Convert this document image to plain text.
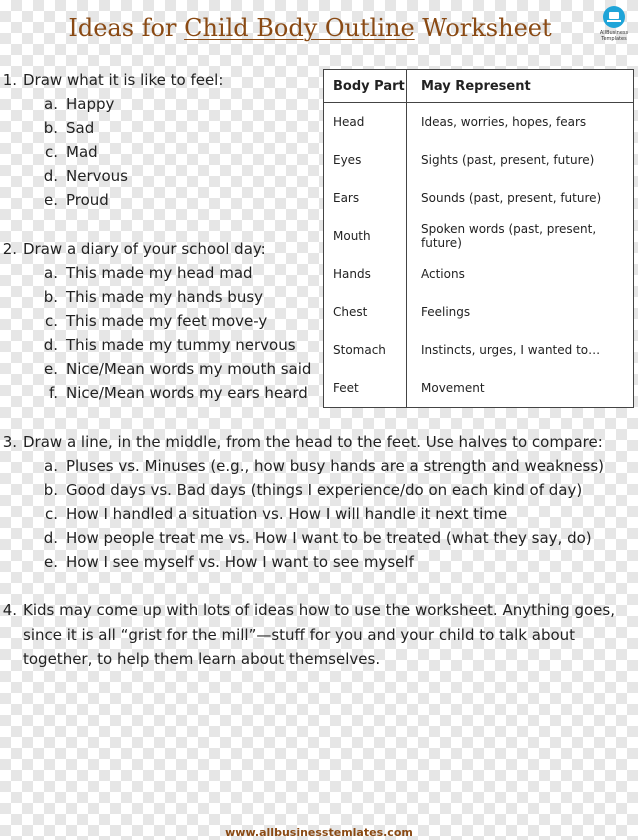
Ideas for Child Body Outline Worksheet	AllBusiness
Templates
1. Draw what it is like to feel:
a. Happy
b. Sad
c. Mad
d. Nervous
e. Proud
2. Draw a diary of your school day:
a. This made my head mad
b. This made my hands busy
c. This made my feet move-y
d. This made my tummy nervous
e. Nice/Mean words my mouth said
f. Nice/Mean words my ears heard
Body Part	May Represent
Head	Ideas, worries, hopes, fears
Eyes	Sights (past, present, future)
Ears	Sounds (past, present, future)
Mouth	Spoken words (past, present, future)
Hands	Actions
Chest	Feelings
Stomach	Instincts, urges, I wanted to…
Feet	Movement
3. Draw a line, in the middle, from the head to the feet. Use halves to compare:
a. Pluses vs. Minuses (e.g., how busy hands are a strength and weakness)
b. Good days vs. Bad days (things I experience/do on each kind of day)
c. How I handled a situation vs. How I will handle it next time
d. How people treat me vs. How I want to be treated (what they say, do)
e. How I see myself vs. How I want to see myself
4. Kids may come up with lots of ideas how to use the worksheet. Anything goes, since it is all “grist for the mill”—stuff for you and your child to talk about together, to help them learn about themselves.
www.allbusinesstemlates.com
